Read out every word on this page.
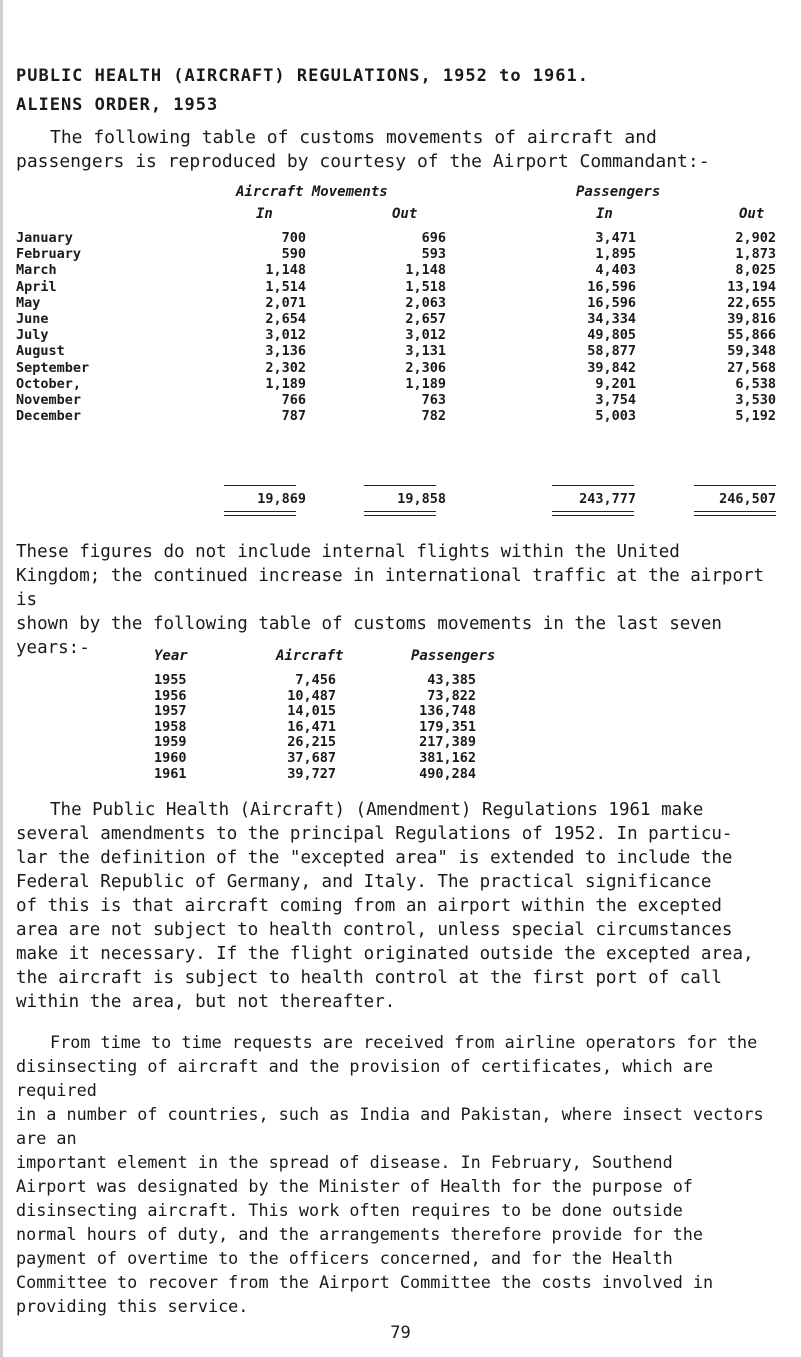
PUBLIC HEALTH (AIRCRAFT) REGULATIONS, 1952 to 1961.
ALIENS ORDER, 1953

The following table of customs movements of aircraft and

passengers is reproduced by courtesy of the Airport Commandant:-

Aircraft Movements	Passengers
In	Out	In	Out
January	700	696	3,471	2,902
February	590	593	1,895	1,873
March	1,148	1,148	4,403	8,025
April	1,514	1,518	16,596	13,194
May	2,071	2,063	16,596	22,655
June	2,654	2,657	34,334	39,816
July	3,012	3,012	49,805	55,866
August	3,136	3,131	58,877	59,348
September	2,302	2,306	39,842	27,568
October,	1,189	1,189	9,201	6,538
November	766	763	3,754	3,530
December	787	782	5,003	5,192
19,869	19,858	243,777	246,507

These figures do not include internal flights within the United

Kingdom; the continued increase in international traffic at the airport is

shown by the following table of customs movements in the last seven

years:-	Year	Aircraft	Passengers
1955	7,456	43,385
1956	10,487	73,822
1957	14,015	136,748
1958	16,471	179,351
1959	26,215	217,389
1960	37,687	381,162
1961	39,727	490,284

The Public Health (Aircraft) (Amendment) Regulations 1961 make

several amendments to the principal Regulations of 1952. In particu-

lar the definition of the "excepted area" is extended to include the

Federal Republic of Germany, and Italy. The practical significance

of this is that aircraft coming from an airport within the excepted

area are not subject to health control, unless special circumstances

make it necessary. If the flight originated outside the excepted area,

the aircraft is subject to health control at the first port of call

within the area, but not thereafter.

From time to time requests are received from airline operators for the

disinsecting of aircraft and the provision of certificates, which are required

in a number of countries, such as India and Pakistan, where insect vectors are an

important element in the spread of disease. In February, Southend

Airport was designated by the Minister of Health for the purpose of

disinsecting aircraft. This work often requires to be done outside

normal hours of duty, and the arrangements therefore provide for the

payment of overtime to the officers concerned, and for the Health

Committee to recover from the Airport Committee the costs involved in

providing this service.

79
